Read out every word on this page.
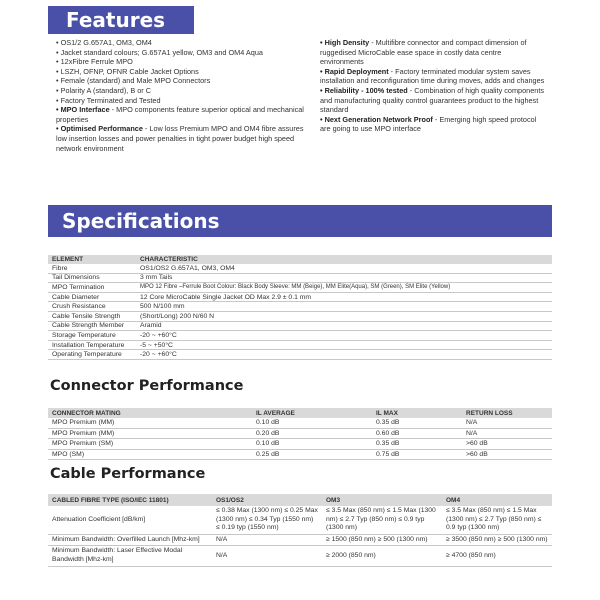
Features

• OS1/2 G.657A1, OM3, OM4

• Jacket standard colours; G.657A1 yellow, OM3 and OM4 Aqua

• 12xFibre Ferrule MPO

• LSZH, OFNP, OFNR Cable Jacket Options

• Female (standard) and Male MPO Connectors

• Polarity A (standard), B or C

• Factory Terminated and Tested

• MPO Interface - MPO components feature superior optical and mechanical properties

• Optimised Performance - Low loss Premium MPO and OM4 fibre assures low insertion losses and power penalties in tight power budget high speed network environment

• High Density - Multifibre connector and compact dimension of ruggedised MicroCable ease space in costly data centre environments

• Rapid Deployment - Factory terminated modular system saves installation and reconfiguration time during moves, adds and changes

• Reliability - 100% tested - Combination of high quality components and manufacturing quality control guarantees product to the highest standard

• Next Generation Network Proof - Emerging high speed protocol are going to use MPO interface

Specifications
ELEMENT	CHARACTERISTIC
Fibre	OS1/OS2 G.657A1, OM3, OM4
Tail Dimensions	3 mm Tails
MPO Termination	MPO 12 Fibre –Ferrule Boot Colour: Black Body Sleeve: MM (Beige), MM Elite(Aqua), SM (Green), SM Elite (Yellow)
Cable Diameter	12 Core MicroCable Single Jacket OD Max 2.9 ± 0.1 mm
Crush Resistance	500 N/100 mm
Cable Tensile Strength	(Short/Long) 200 N/60 N
Cable Strength Member	Aramid
Storage Temperature	-20 ~ +60°C
Installation Temperature	-5 ~ +50°C
Operating Temperature	-20 ~ +60°C
Connector Performance
CONNECTOR MATING	IL AVERAGE	IL MAX	RETURN LOSS
MPO Premium (MM)	0.10 dB	0.35 dB	N/A
MPO Premium (MM)	0.20 dB	0.60 dB	N/A
MPO Premium (SM)	0.10 dB	0.35 dB	>60 dB
MPO (SM)	0.25 dB	0.75 dB	>60 dB
Cable Performance
CABLED FIBRE TYPE (ISO/IEC 11801)	OS1/OS2	OM3	OM4
Attenuation Coefficient [dB/km]	≤ 0.38 Max (1300 nm) ≤ 0.25 Max (1300 nm) ≤ 0.34 Typ (1550 nm) ≤ 0.19 typ (1550 nm)	≤ 3.5 Max (850 nm) ≤ 1.5 Max (1300 nm) ≤ 2.7 Typ (850 nm) ≤ 0.9 typ (1300 nm)	≤ 3.5 Max (850 nm) ≤ 1.5 Max (1300 nm) ≤ 2.7 Typ (850 nm) ≤ 0.9 typ (1300 nm)
Minimum Bandwidth: Overfilled Launch [Mhz-km]	N/A	≥ 1500 (850 nm) ≥ 500 (1300 nm)	≥ 3500 (850 nm) ≥ 500 (1300 nm)
Minimum Bandwidth: Laser Effective Modal Bandwidth [Mhz-km]	N/A	≥ 2000 (850 nm)	≥ 4700 (850 nm)
